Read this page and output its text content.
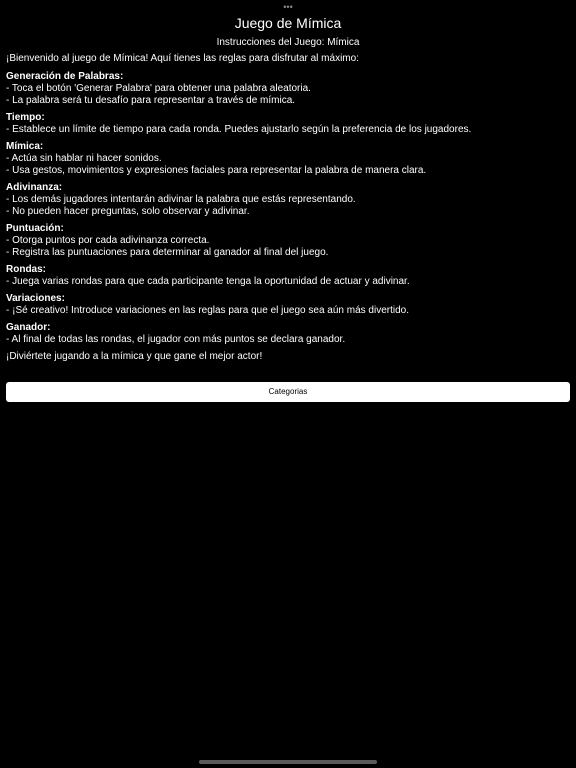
•••
Juego de Mímica
Instrucciones del Juego: Mímica

¡Bienvenido al juego de Mímica! Aquí tienes las reglas para disfrutar al máximo:

Generación de Palabras:

- Toca el botón 'Generar Palabra' para obtener una palabra aleatoria.

- La palabra será tu desafío para representar a través de mímica.

Tiempo:

- Establece un límite de tiempo para cada ronda. Puedes ajustarlo según la preferencia de los jugadores.

Mímica:

- Actúa sin hablar ni hacer sonidos.

- Usa gestos, movimientos y expresiones faciales para representar la palabra de manera clara.

Adivinanza:

- Los demás jugadores intentarán adivinar la palabra que estás representando.

- No pueden hacer preguntas, solo observar y adivinar.

Puntuación:

- Otorga puntos por cada adivinanza correcta.

- Registra las puntuaciones para determinar al ganador al final del juego.

Rondas:

- Juega varias rondas para que cada participante tenga la oportunidad de actuar y adivinar.

Variaciones:

- ¡Sé creativo! Introduce variaciones en las reglas para que el juego sea aún más divertido.

Ganador:

- Al final de todas las rondas, el jugador con más puntos se declara ganador.

¡Diviértete jugando a la mímica y que gane el mejor actor!

Categorias
